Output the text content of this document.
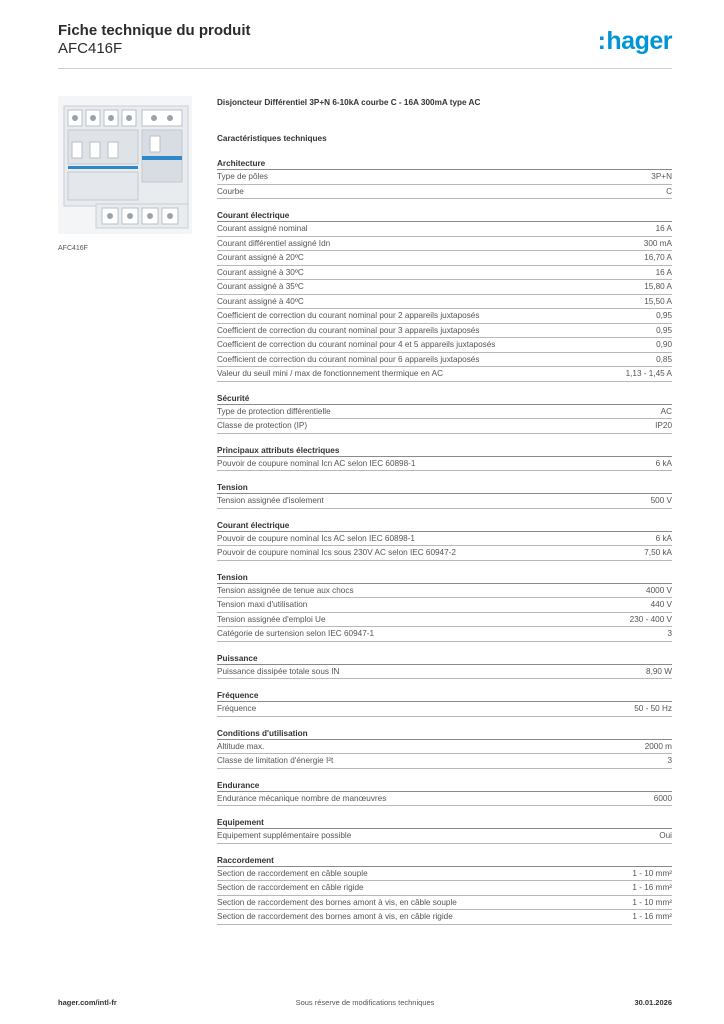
Fiche technique du produit
AFC416F	:hager
AFC416F
Disjoncteur Différentiel 3P+N 6-10kA courbe C - 16A 300mA type AC
Caractéristiques techniques
Architecture
Type de pôles	3P+N
Courbe	C
Courant électrique
Courant assigné nominal	16 A
Courant différentiel assigné Idn	300 mA
Courant assigné à 20ºC	16,70 A
Courant assigné à 30ºC	16 A
Courant assigné à 35ºC	15,80 A
Courant assigné à 40ºC	15,50 A
Coefficient de correction du courant nominal pour 2 appareils juxtaposés	0,95
Coefficient de correction du courant nominal pour 3 appareils juxtaposés	0,95
Coefficient de correction du courant nominal pour 4 et 5 appareils juxtaposés	0,90
Coefficient de correction du courant nominal pour 6 appareils juxtaposés	0,85
Valeur du seuil mini / max de fonctionnement thermique en AC	1,13 - 1,45 A
Sécurité
Type de protection différentielle	AC
Classe de protection (IP)	IP20
Principaux attributs électriques
Pouvoir de coupure nominal Icn AC selon IEC 60898-1	6 kA
Tension
Tension assignée d'isolement	500 V
Courant électrique
Pouvoir de coupure nominal Ics AC selon IEC 60898-1	6 kA
Pouvoir de coupure nominal Ics sous 230V AC selon IEC 60947-2	7,50 kA
Tension
Tension assignée de tenue aux chocs	4000 V
Tension maxi d'utilisation	440 V
Tension assignée d'emploi Ue	230 - 400 V
Catégorie de surtension selon IEC 60947-1	3
Puissance
Puissance dissipée totale sous IN	8,90 W
Fréquence
Fréquence	50 - 50 Hz
Conditions d'utilisation
Altitude max.	2000 m
Classe de limitation d'énergie I²t	3
Endurance
Endurance mécanique nombre de manœuvres	6000
Equipement
Equipement supplémentaire possible	Oui
Raccordement
Section de raccordement en câble souple	1 - 10 mm²
Section de raccordement en câble rigide	1 - 16 mm²
Section de raccordement des bornes amont à vis, en câble souple	1 - 10 mm²
Section de raccordement des bornes amont à vis, en câble rigide	1 - 16 mm²
hager.com/intl-fr	Sous réserve de modifications techniques	30.01.2026
